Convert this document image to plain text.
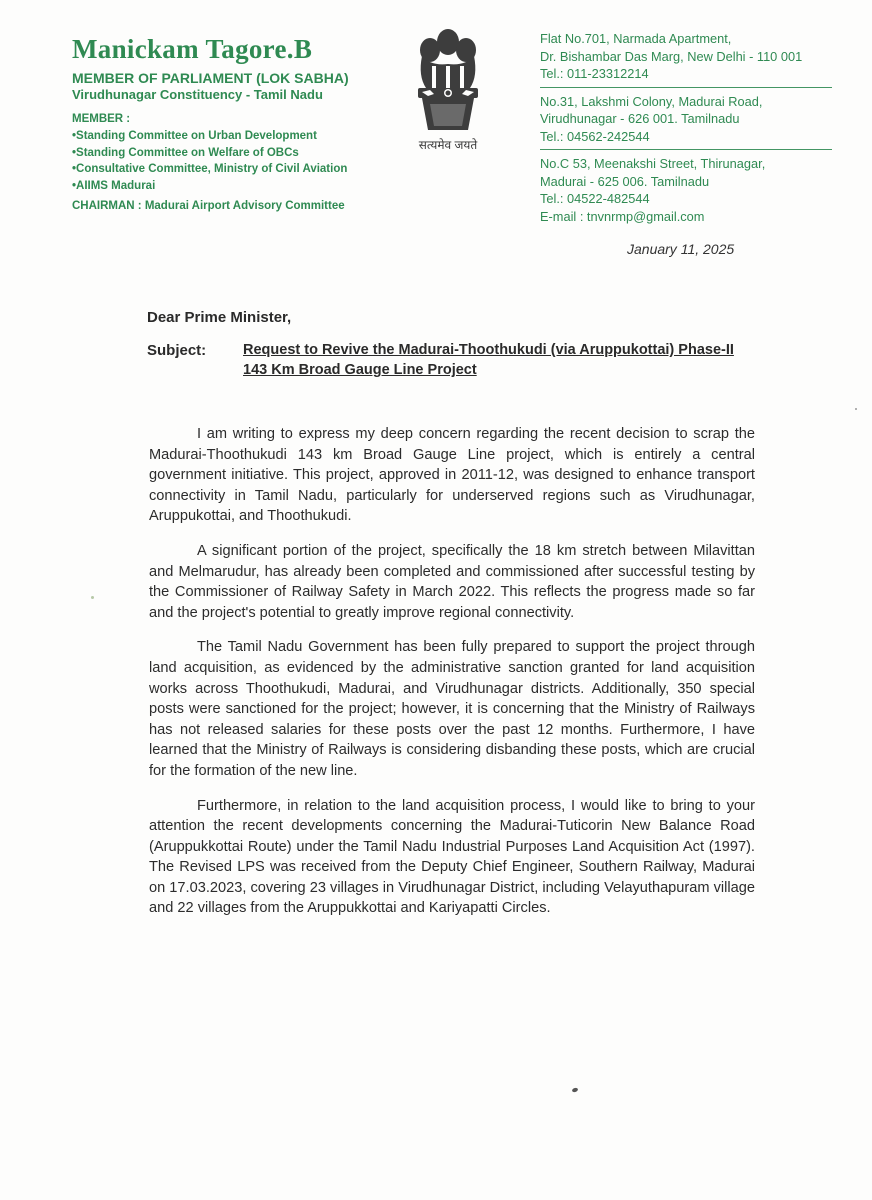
Manickam Tagore.B
MEMBER OF PARLIAMENT (LOK SABHA)
Virudhunagar Constituency - Tamil Nadu
MEMBER :
• Standing Committee on Urban Development
• Standing Committee on Welfare of OBCs
• Consultative Committee, Ministry of Civil Aviation
• AIIMS Madurai
CHAIRMAN : Madurai Airport Advisory Committee
सत्यमेव जयते
Flat No.701, Narmada Apartment,
Dr. Bishambar Das Marg, New Delhi - 110 001
Tel.: 011-23312214
No.31, Lakshmi Colony, Madurai Road,
Virudhunagar - 626 001. Tamilnadu
Tel.: 04562-242544
No.C 53, Meenakshi Street, Thirunagar,
Madurai - 625 006. Tamilnadu
Tel.: 04522-482544
E-mail : tnvnrmp@gmail.com
January 11, 2025
Dear Prime Minister,
Subject:	Request to Revive the Madurai-Thoothukudi (via Aruppukottai) Phase-II 143 Km Broad Gauge Line Project

I am writing to express my deep concern regarding the recent decision to scrap the Madurai-Thoothukudi 143 km Broad Gauge Line project, which is entirely a central government initiative. This project, approved in 2011-12, was designed to enhance transport connectivity in Tamil Nadu, particularly for underserved regions such as Virudhunagar, Aruppukottai, and Thoothukudi.

A significant portion of the project, specifically the 18 km stretch between Milavittan and Melmarudur, has already been completed and commissioned after successful testing by the Commissioner of Railway Safety in March 2022. This reflects the progress made so far and the project's potential to greatly improve regional connectivity.

The Tamil Nadu Government has been fully prepared to support the project through land acquisition, as evidenced by the administrative sanction granted for land acquisition works across Thoothukudi, Madurai, and Virudhunagar districts. Additionally, 350 special posts were sanctioned for the project; however, it is concerning that the Ministry of Railways has not released salaries for these posts over the past 12 months. Furthermore, I have learned that the Ministry of Railways is considering disbanding these posts, which are crucial for the formation of the new line.

Furthermore, in relation to the land acquisition process, I would like to bring to your attention the recent developments concerning the Madurai-Tuticorin New Balance Road (Aruppukkottai Route) under the Tamil Nadu Industrial Purposes Land Acquisition Act (1997). The Revised LPS was received from the Deputy Chief Engineer, Southern Railway, Madurai on 17.03.2023, covering 23 villages in Virudhunagar District, including Velayuthapuram village and 22 villages from the Aruppukkottai and Kariyapatti Circles.
